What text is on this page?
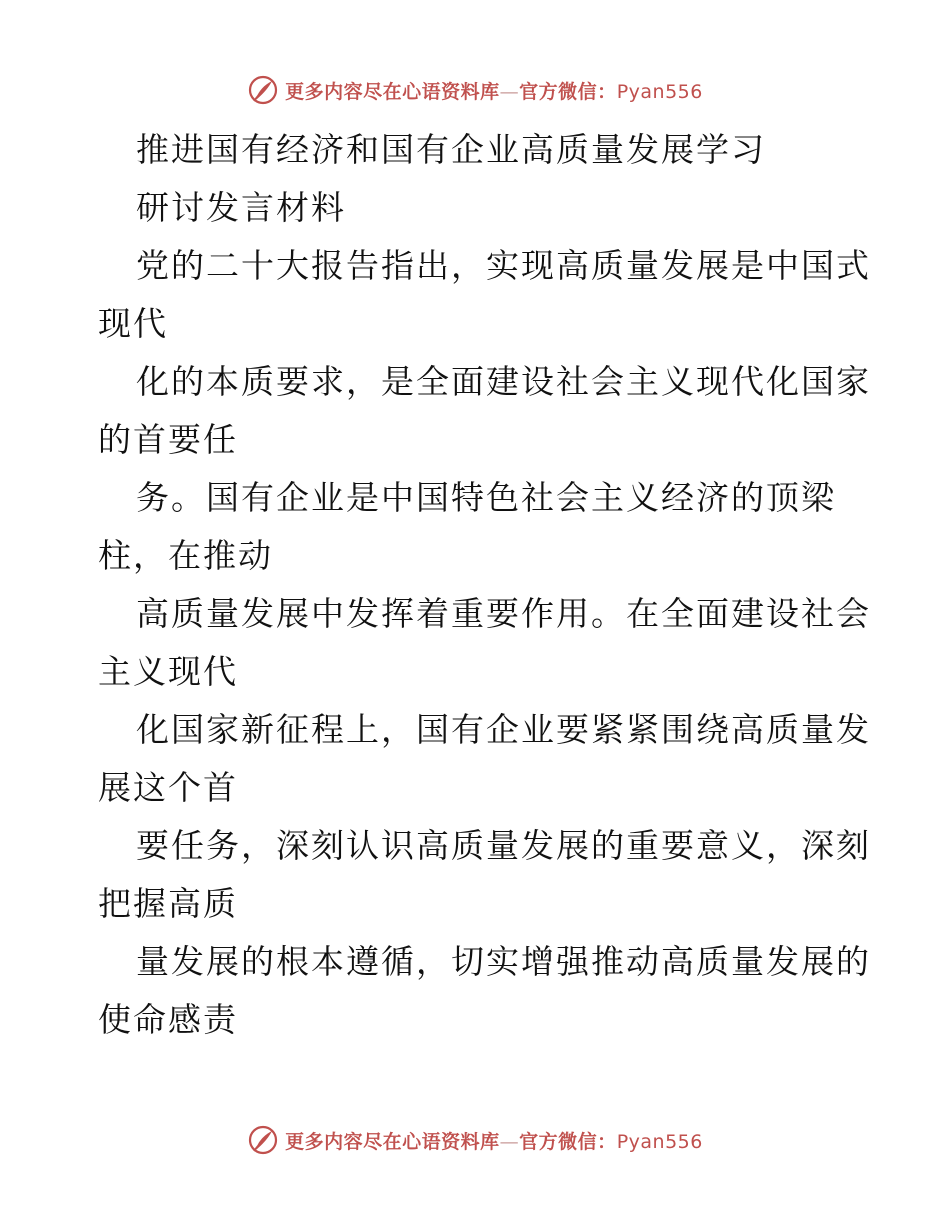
更多内容尽在心语资料库—官方微信：Pyan556
推进国有经济和国有企业高质量发展学习
研讨发言材料
党的二十大报告指出，实现高质量发展是中国式
现代
化的本质要求，是全面建设社会主义现代化国家
的首要任
务。国有企业是中国特色社会主义经济的顶梁
柱，在推动
高质量发展中发挥着重要作用。在全面建设社会
主义现代
化国家新征程上，国有企业要紧紧围绕高质量发
展这个首
要任务，深刻认识高质量发展的重要意义，深刻
把握高质
量发展的根本遵循，切实增强推动高质量发展的
使命感责
更多内容尽在心语资料库—官方微信：Pyan556
